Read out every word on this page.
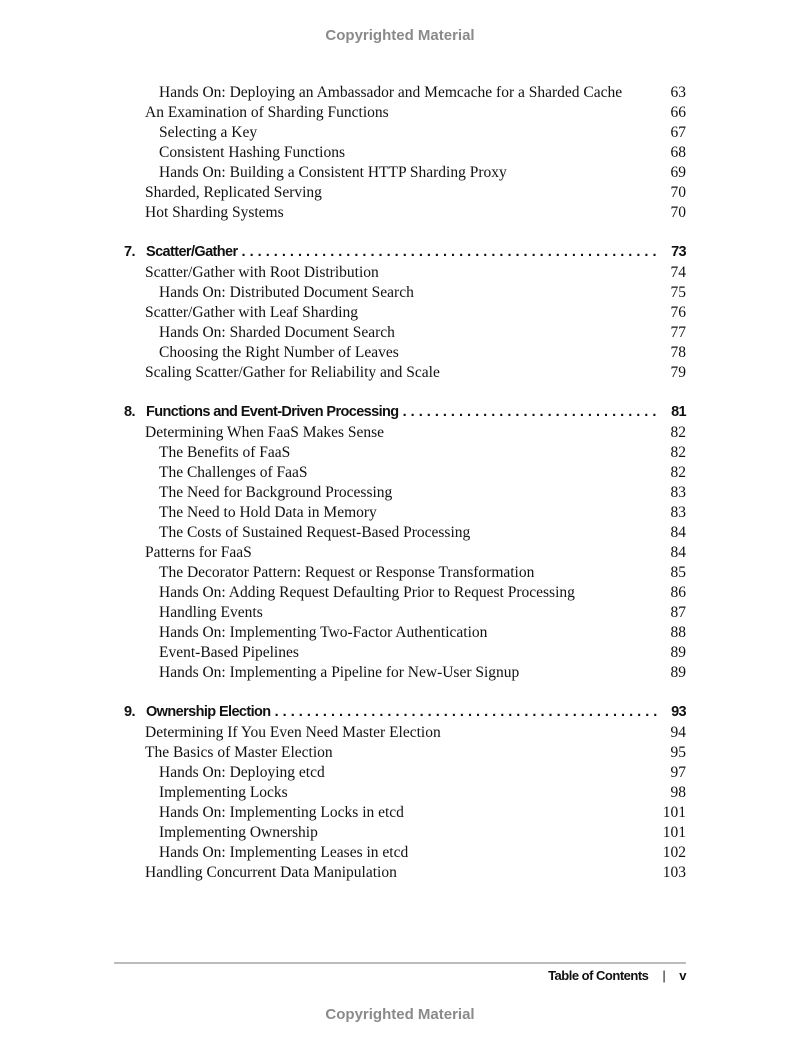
Copyrighted Material
Hands On: Deploying an Ambassador and Memcache for a Sharded Cache	63
An Examination of Sharding Functions	66
Selecting a Key	67
Consistent Hashing Functions	68
Hands On: Building a Consistent HTTP Sharding Proxy	69
Sharded, Replicated Serving	70
Hot Sharding Systems	70
7. Scatter/Gather . . .	73
Scatter/Gather with Root Distribution	74
Hands On: Distributed Document Search	75
Scatter/Gather with Leaf Sharding	76
Hands On: Sharded Document Search	77
Choosing the Right Number of Leaves	78
Scaling Scatter/Gather for Reliability and Scale	79
8. Functions and Event-Driven Processing . . .	81
Determining When FaaS Makes Sense	82
The Benefits of FaaS	82
The Challenges of FaaS	82
The Need for Background Processing	83
The Need to Hold Data in Memory	83
The Costs of Sustained Request-Based Processing	84
Patterns for FaaS	84
The Decorator Pattern: Request or Response Transformation	85
Hands On: Adding Request Defaulting Prior to Request Processing	86
Handling Events	87
Hands On: Implementing Two-Factor Authentication	88
Event-Based Pipelines	89
Hands On: Implementing a Pipeline for New-User Signup	89
9. Ownership Election . . .	93
Determining If You Even Need Master Election	94
The Basics of Master Election	95
Hands On: Deploying etcd	97
Implementing Locks	98
Hands On: Implementing Locks in etcd	101
Implementing Ownership	101
Hands On: Implementing Leases in etcd	102
Handling Concurrent Data Manipulation	103
Table of Contents | v
Copyrighted Material
